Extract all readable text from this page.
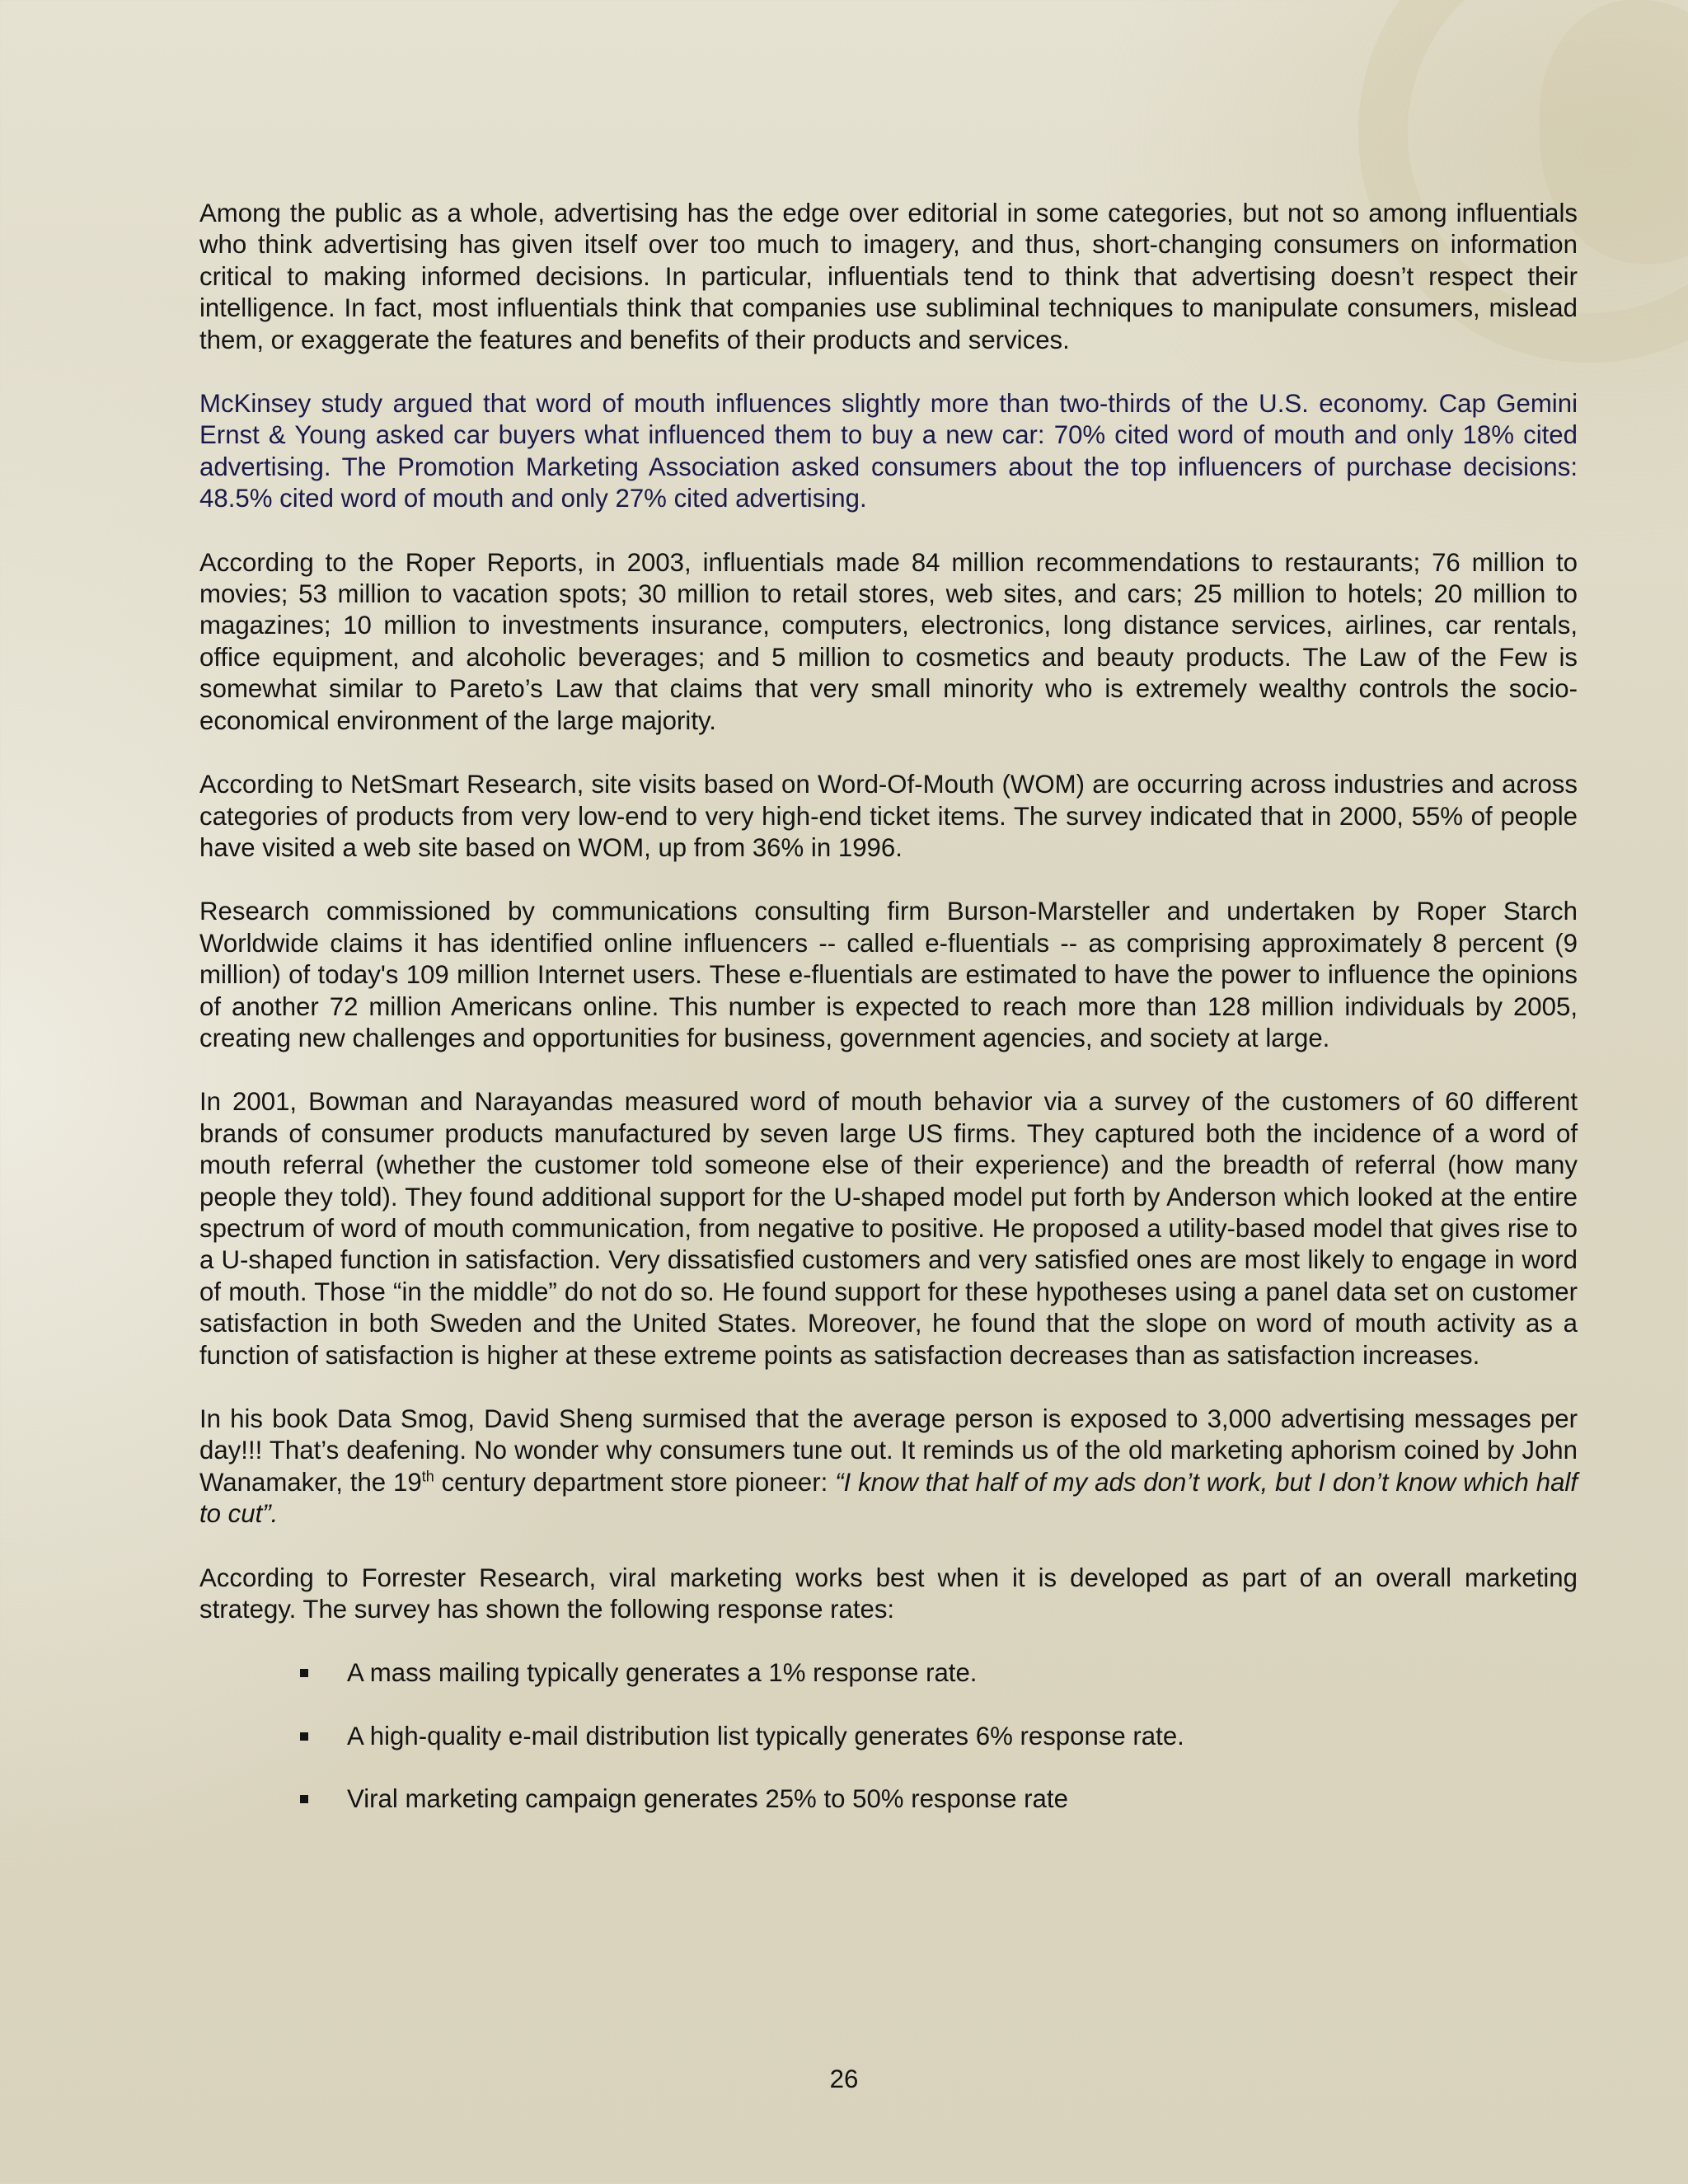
Among the public as a whole, advertising has the edge over editorial in some categories, but not so among influentials who think advertising has given itself over too much to imagery, and thus, short-changing consumers on information critical to making informed decisions. In particular, influentials tend to think that advertising doesn’t respect their intelligence. In fact, most influentials think that companies use subliminal techniques to manipulate consumers, mislead them, or exaggerate the features and benefits of their products and services.

McKinsey study argued that word of mouth influences slightly more than two-thirds of the U.S. economy. Cap Gemini Ernst & Young asked car buyers what influenced them to buy a new car: 70% cited word of mouth and only 18% cited advertising. The Promotion Marketing Association asked consumers about the top influencers of purchase decisions: 48.5% cited word of mouth and only 27% cited advertising.

According to the Roper Reports, in 2003, influentials made 84 million recommendations to restaurants; 76 million to movies; 53 million to vacation spots; 30 million to retail stores, web sites, and cars; 25 million to hotels; 20 million to magazines; 10 million to investments insurance, computers, electronics, long distance services, airlines, car rentals, office equipment, and alcoholic beverages; and 5 million to cosmetics and beauty products. The Law of the Few is somewhat similar to Pareto’s Law that claims that very small minority who is extremely wealthy controls the socio-economical environment of the large majority.

According to NetSmart Research, site visits based on Word-Of-Mouth (WOM) are occurring across industries and across categories of products from very low-end to very high-end ticket items. The survey indicated that in 2000, 55% of people have visited a web site based on WOM, up from 36% in 1996.

Research commissioned by communications consulting firm Burson-Marsteller and undertaken by Roper Starch Worldwide claims it has identified online influencers -- called e-fluentials -- as comprising approximately 8 percent (9 million) of today's 109 million Internet users. These e-fluentials are estimated to have the power to influence the opinions of another 72 million Americans online. This number is expected to reach more than 128 million individuals by 2005, creating new challenges and opportunities for business, government agencies, and society at large.

In 2001, Bowman and Narayandas measured word of mouth behavior via a survey of the customers of 60 different brands of consumer products manufactured by seven large US firms. They captured both the incidence of a word of mouth referral (whether the customer told someone else of their experience) and the breadth of referral (how many people they told). They found additional support for the U-shaped model put forth by Anderson which looked at the entire spectrum of word of mouth communication, from negative to positive. He proposed a utility-based model that gives rise to a U-shaped function in satisfaction. Very dissatisfied customers and very satisfied ones are most likely to engage in word of mouth. Those “in the middle” do not do so. He found support for these hypotheses using a panel data set on customer satisfaction in both Sweden and the United States. Moreover, he found that the slope on word of mouth activity as a function of satisfaction is higher at these extreme points as satisfaction decreases than as satisfaction increases.

In his book Data Smog, David Sheng surmised that the average person is exposed to 3,000 advertising messages per day!!! That’s deafening. No wonder why consumers tune out. It reminds us of the old marketing aphorism coined by John Wanamaker, the 19th century department store pioneer: “I know that half of my ads don’t work, but I don’t know which half to cut”.

According to Forrester Research, viral marketing works best when it is developed as part of an overall marketing strategy. The survey has shown the following response rates:

A mass mailing typically generates a 1% response rate.
A high-quality e-mail distribution list typically generates 6% response rate.
Viral marketing campaign generates 25% to 50% response rate
26
